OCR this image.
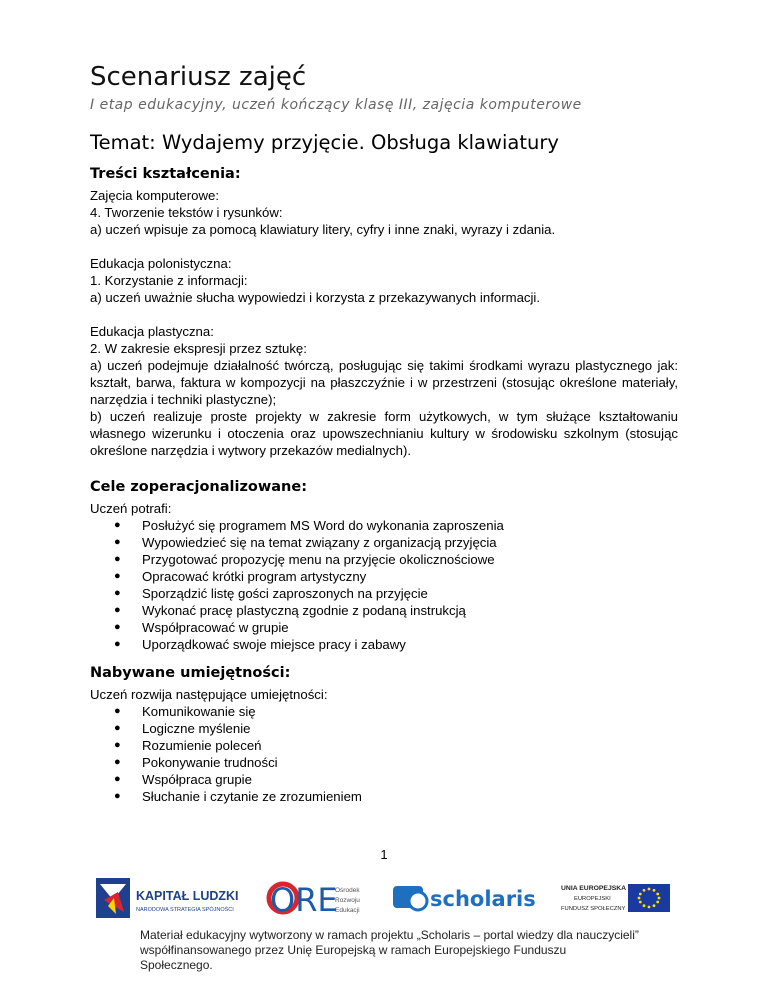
Scenariusz zajęć

I etap edukacyjny, uczeń kończący klasę III, zajęcia komputerowe

Temat: Wydajemy przyjęcie. Obsługa klawiatury
Treści kształcenia:

Zajęcia komputerowe:

4. Tworzenie tekstów i rysunków:

a) uczeń wpisuje za pomocą klawiatury litery, cyfry i inne znaki, wyrazy i zdania.

Edukacja polonistyczna:

1. Korzystanie z informacji:

a) uczeń uważnie słucha wypowiedzi i korzysta z przekazywanych informacji.

Edukacja plastyczna:

2. W zakresie ekspresji przez sztukę:

a) uczeń podejmuje działalność twórczą, posługując się takimi środkami wyrazu plastycznego jak: kształt, barwa, faktura w kompozycji na płaszczyźnie i w przestrzeni (stosując określone materiały, narzędzia i techniki plastyczne);

b) uczeń realizuje proste projekty w zakresie form użytkowych, w tym służące kształtowaniu własnego wizerunku i otoczenia oraz upowszechnianiu kultury w środowisku szkolnym (stosując określone narzędzia i wytwory przekazów medialnych).

Cele zoperacjonalizowane:

Uczeń potrafi:

● Posłużyć się programem MS Word do wykonania zaproszenia
● Wypowiedzieć się na temat związany z organizacją przyjęcia
● Przygotować propozycję menu na przyjęcie okolicznościowe
● Opracować krótki program artystyczny
● Sporządzić listę gości zaproszonych na przyjęcie
● Wykonać pracę plastyczną zgodnie z podaną instrukcją
● Współpracować w grupie
● Uporządkować swoje miejsce pracy i zabawy
Nabywane umiejętności:

Uczeń rozwija następujące umiejętności:

● Komunikowanie się
● Logiczne myślenie
● Rozumienie poleceń
● Pokonywanie trudności
● Współpraca grupie
● Słuchanie i czytanie ze zrozumieniem
1
KAPITAŁ LUDZKI
NARODOWA STRATEGIA SPÓJNOŚCI ORE
Ośrodek
Rozwoju
Edukacji	scholaris	UNIA EUROPEJSKA
EUROPEJSKI
FUNDUSZ SPOŁECZNY

Materiał edukacyjny wytworzony w ramach projektu „Scholaris – portal wiedzy dla nauczycieli”

współfinansowanego przez Unię Europejską w ramach Europejskiego Funduszu Społecznego.
